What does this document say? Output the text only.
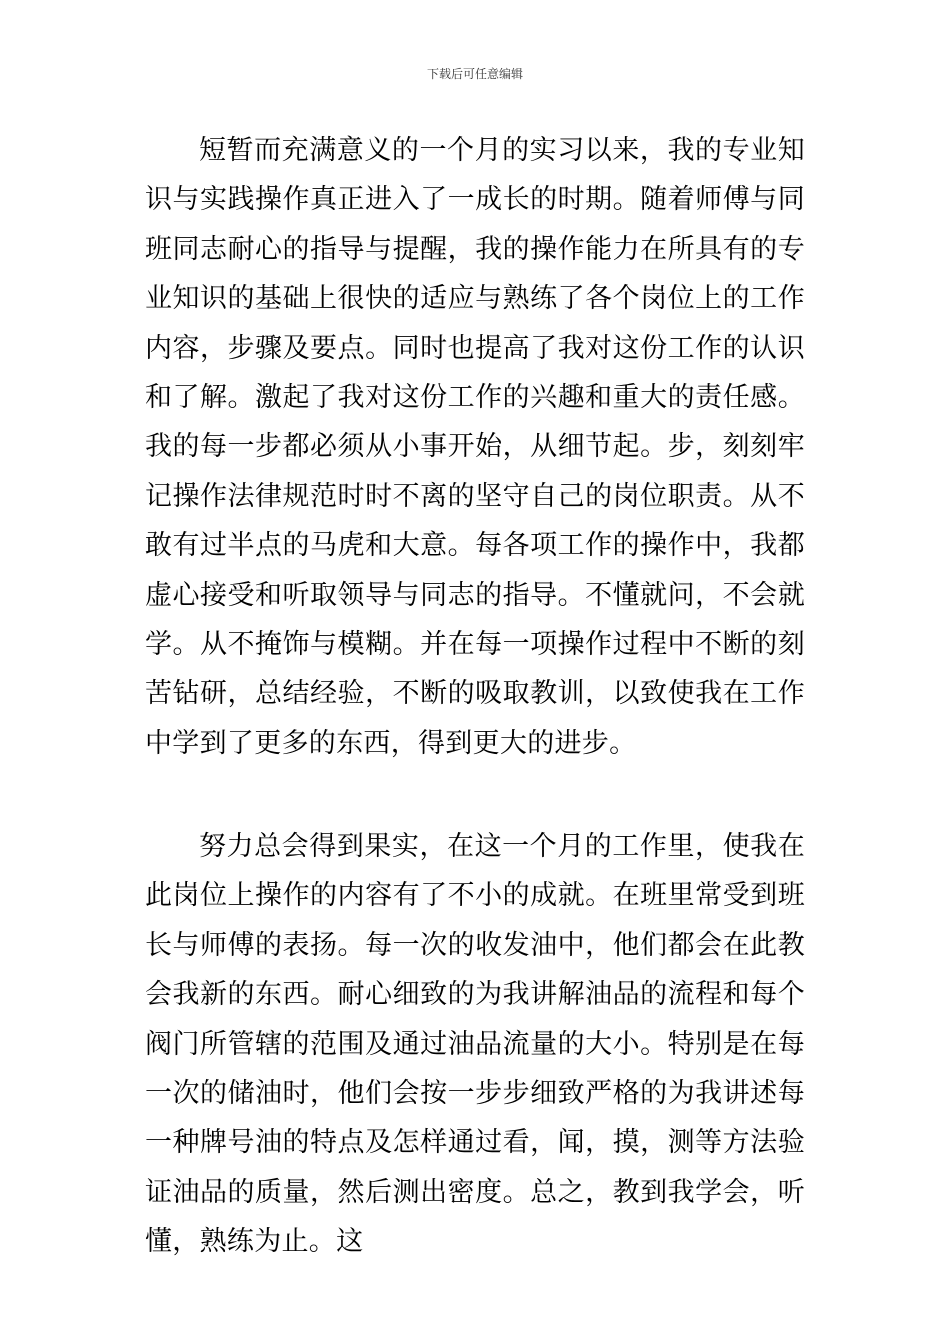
下载后可任意编辑

短暂而充满意义的一个月的实习以来，我的专业知识与实践操作真正进入了一成长的时期。随着师傅与同班同志耐心的指导与提醒，我的操作能力在所具有的专业知识的基础上很快的适应与熟练了各个岗位上的工作内容，步骤及要点。同时也提高了我对这份工作的认识和了解。激起了我对这份工作的兴趣和重大的责任感。我的每一步都必须从小事开始，从细节起。步，刻刻牢记操作法律规范时时不离的坚守自己的岗位职责。从不敢有过半点的马虎和大意。每各项工作的操作中，我都虚心接受和听取领导与同志的指导。不懂就问，不会就学。从不掩饰与模糊。并在每一项操作过程中不断的刻苦钻研，总结经验，不断的吸取教训，以致使我在工作中学到了更多的东西，得到更大的进步。

努力总会得到果实，在这一个月的工作里，使我在此岗位上操作的内容有了不小的成就。在班里常受到班长与师傅的表扬。每一次的收发油中，他们都会在此教会我新的东西。耐心细致的为我讲解油品的流程和每个阀门所管辖的范围及通过油品流量的大小。特别是在每一次的储油时，他们会按一步步细致严格的为我讲述每一种牌号油的特点及怎样通过看，闻，摸，测等方法验证油品的质量，然后测出密度。总之，教到我学会，听懂，熟练为止。这
